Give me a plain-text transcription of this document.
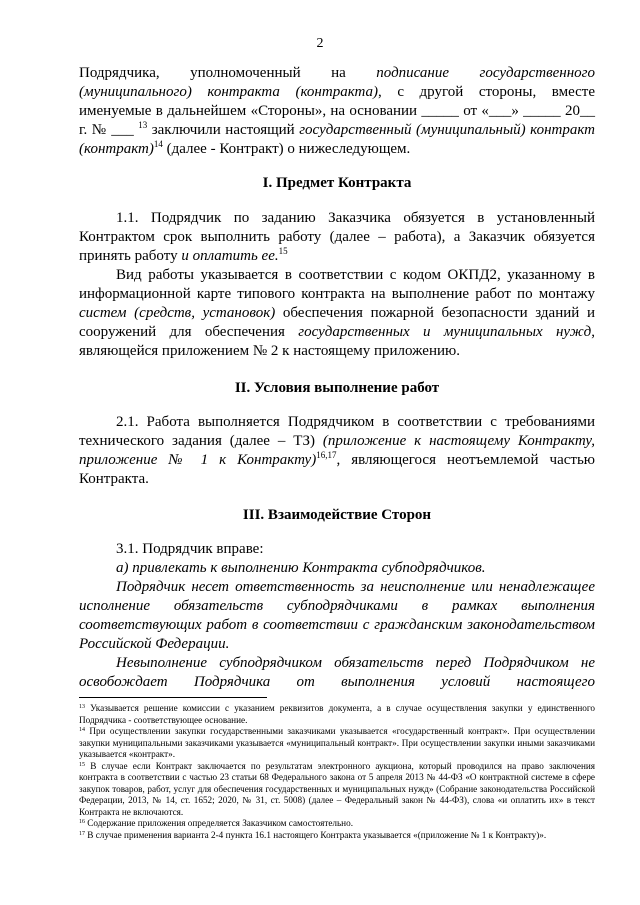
2

Подрядчика, уполномоченный на подписание государственного (муниципального) контракта (контракта), с другой стороны, вместе именуемые в дальнейшем «Стороны», на основании _____ от «___» _____ 20__ г. № ___ $^{13}$ заключили настоящий государственный (муниципальный) контракт (контракт)$^{14}$ (далее - Контракт) о нижеследующем.

I. Предмет Контракта

1.1. Подрядчик по заданию Заказчика обязуется в установленный Контрактом срок выполнить работу (далее – работа), а Заказчик обязуется принять работу и оплатить ее.$^{15}$

Вид работы указывается в соответствии с кодом ОКПД2, указанному в информационной карте типового контракта на выполнение работ по монтажу систем (средств, установок) обеспечения пожарной безопасности зданий и сооружений для обеспечения государственных и муниципальных нужд, являющейся приложением № 2 к настоящему приложению.

II. Условия выполнение работ

2.1. Работа выполняется Подрядчиком в соответствии с требованиями технического задания (далее – ТЗ) (приложение к настоящему Контракту, приложение № 1 к Контракту)$^{16,17}$, являющегося неотъемлемой частью Контракта.

III. Взаимодействие Сторон

3.1. Подрядчик вправе:

а) привлекать к выполнению Контракта субподрядчиков.

Подрядчик несет ответственность за неисполнение или ненадлежащее исполнение обязательств субподрядчиками в рамках выполнения соответствующих работ в соответствии с гражданским законодательством Российской Федерации.

Невыполнение субподрядчиком обязательств перед Подрядчиком не освобождает Подрядчика от выполнения условий настоящего

$^{13}$ Указывается решение комиссии с указанием реквизитов документа, а в случае осуществления закупки у единственного Подрядчика - соответствующее основание.

$^{14}$ При осуществлении закупки государственными заказчиками указывается «государственный контракт». При осуществлении закупки муниципальными заказчиками указывается «муниципальный контракт». При осуществлении закупки иными заказчиками указывается «контракт».

$^{15}$ В случае если Контракт заключается по результатам электронного аукциона, который проводился на право заключения контракта в соответствии с частью 23 статьи 68 Федерального закона от 5 апреля 2013 № 44-ФЗ «О контрактной системе в сфере закупок товаров, работ, услуг для обеспечения государственных и муниципальных нужд» (Собрание законодательства Российской Федерации, 2013, № 14, ст. 1652; 2020, № 31, ст. 5008) (далее – Федеральный закон № 44-ФЗ), слова «и оплатить их» в текст Контракта не включаются.

$^{16}$ Содержание приложения определяется Заказчиком самостоятельно.

$^{17}$ В случае применения варианта 2-4 пункта 16.1 настоящего Контракта указывается «(приложение № 1 к Контракту)».
